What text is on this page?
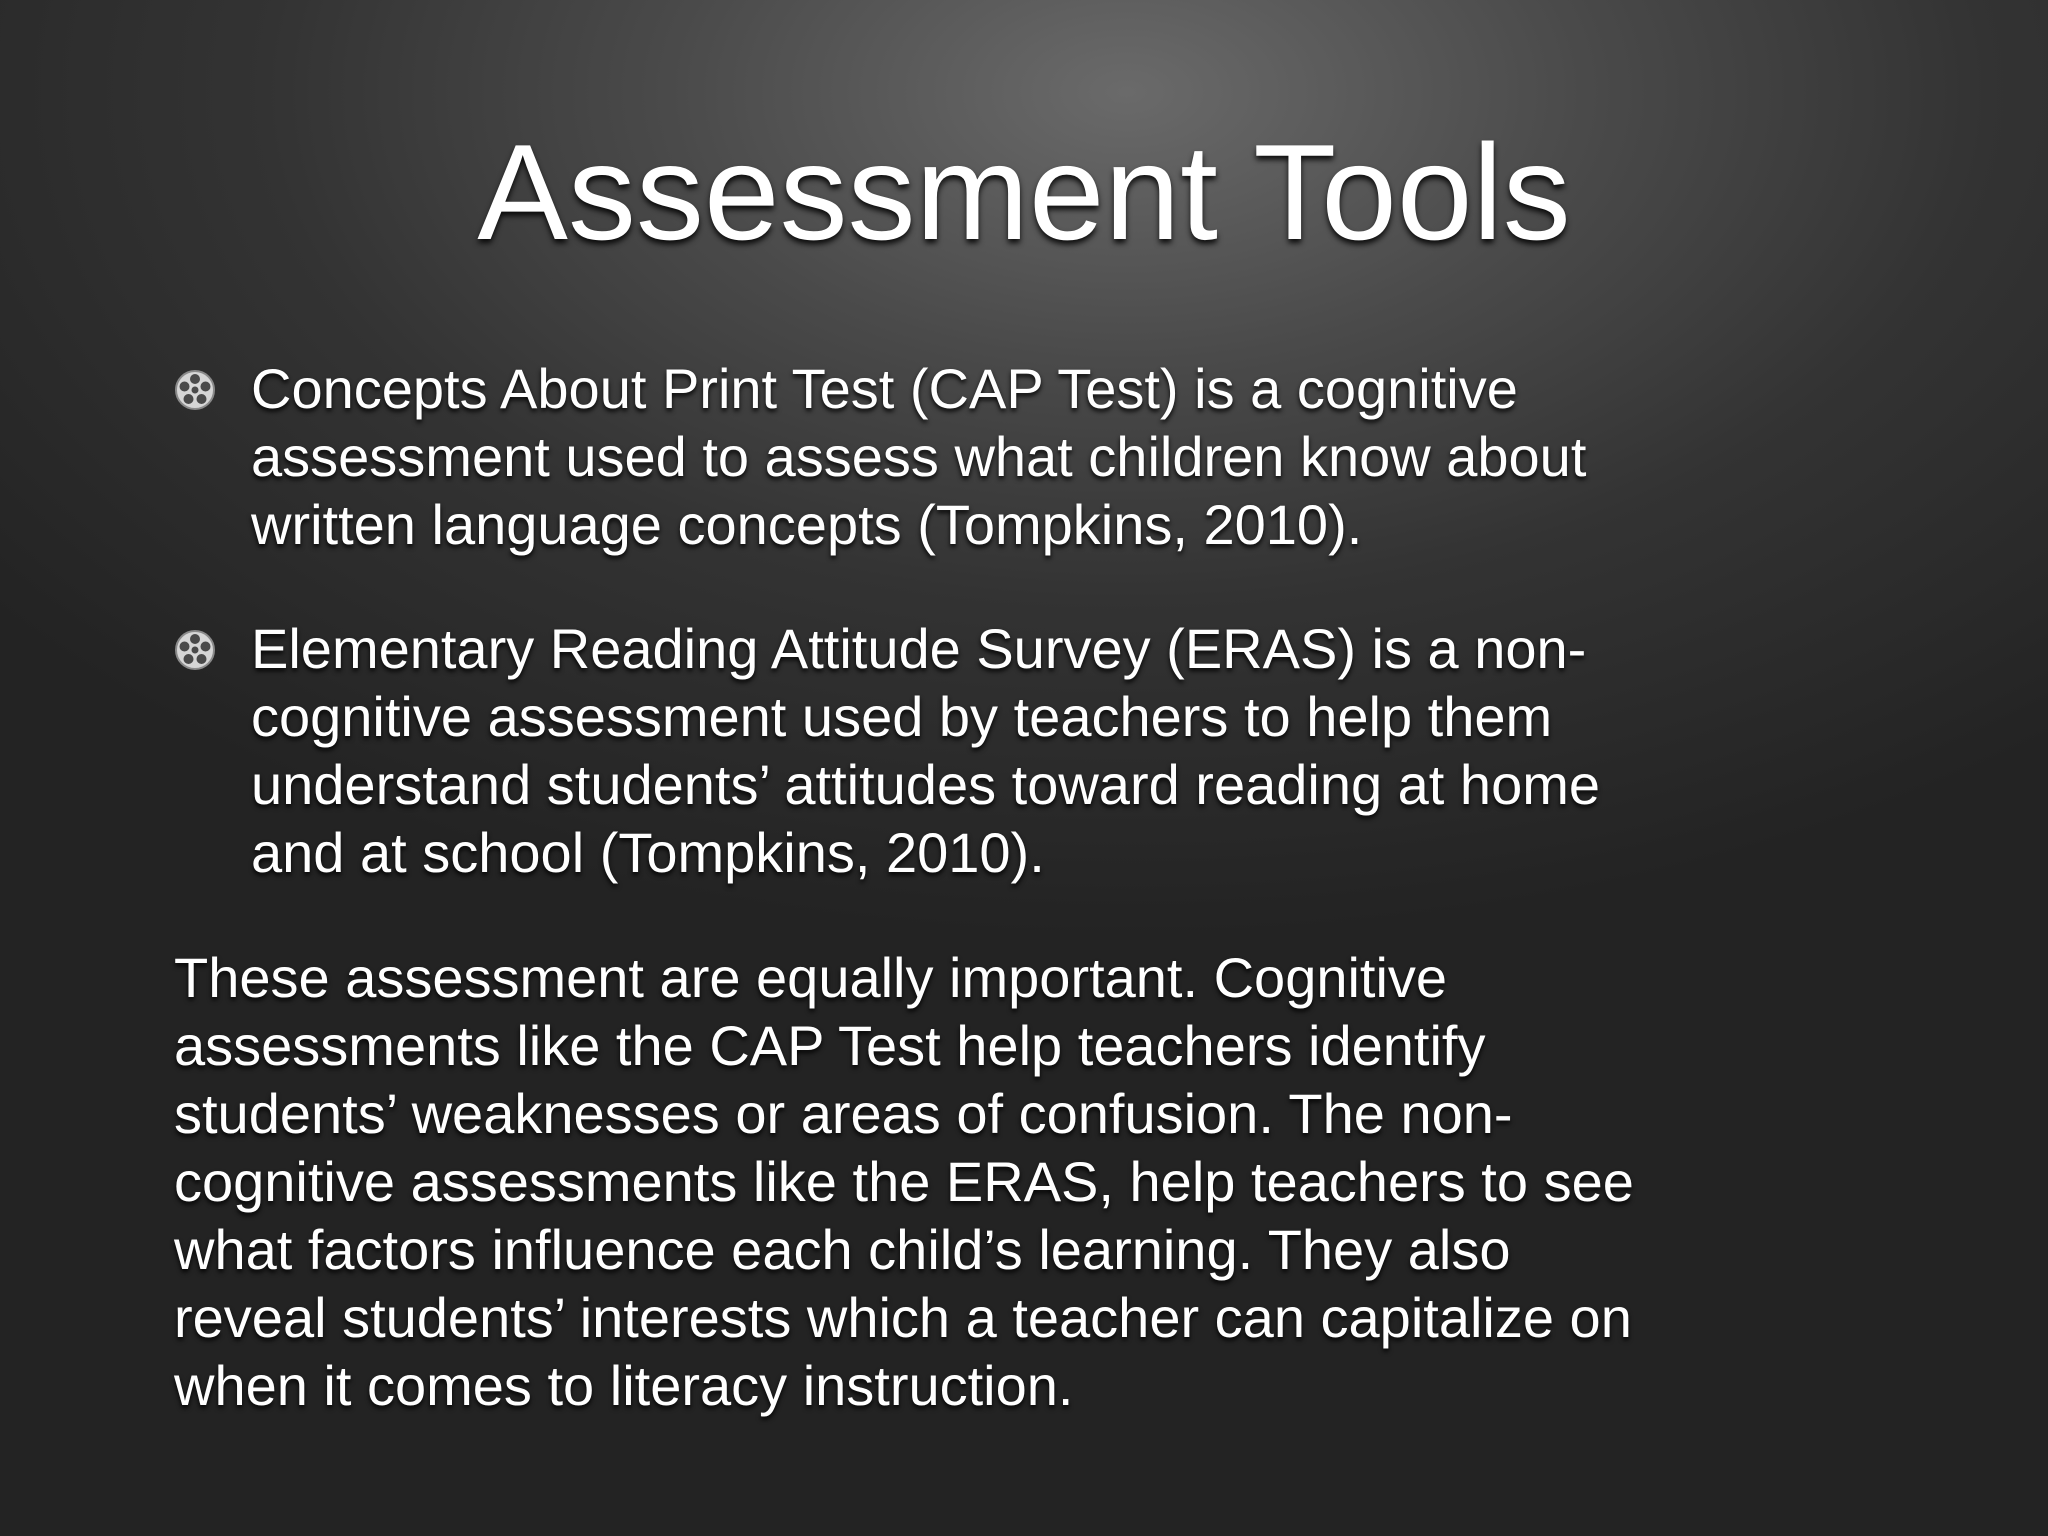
Assessment Tools
Concepts About Print Test (CAP Test) is a cognitive
assessment used to assess what children know about
written language concepts (Tompkins, 2010).
Elementary Reading Attitude Survey (ERAS) is a non-
cognitive assessment used by teachers to help them
understand students’ attitudes toward reading at home
and at school (Tompkins, 2010).
These assessment are equally important. Cognitive
assessments like the CAP Test help teachers identify
students’ weaknesses or areas of confusion. The non-
cognitive assessments like the ERAS, help teachers to see
what factors influence each child’s learning. They also
reveal students’ interests which a teacher can capitalize on
when it comes to literacy instruction.
